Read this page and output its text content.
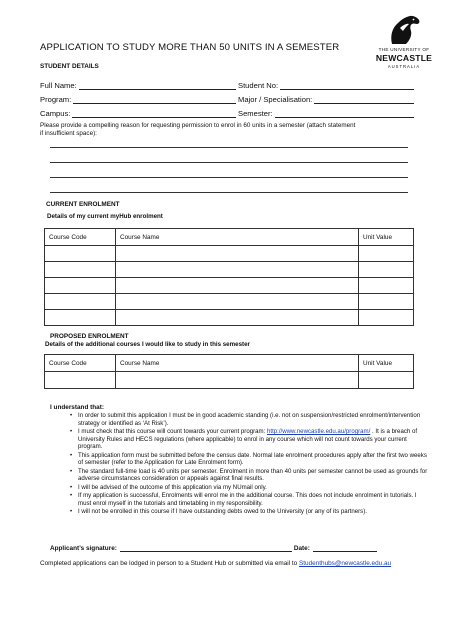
APPLICATION TO STUDY MORE THAN 50 UNITS IN A SEMESTER	THE UNIVERSITY OF
NEWCASTLE
AUSTRALIA
STUDENT DETAILS
Full Name:	Student No:
Program:	Major / Specialisation:
Campus:	Semester:
Please provide a compelling reason for requesting permission to enrol in 60 units in a semester (attach statement
if insufficient space):
CURRENT ENROLMENT
Details of my current myHub enrolment
Course Code	Course Name	Unit Value

PROPOSED ENROLMENT
Details of the additional courses I would like to study in this semester
Course Code	Course Name	Unit Value

I understand that:
• In order to submit this application I must be in good academic standing (i.e. not on suspension/restricted enrolment/intervention strategy or identified as ‘At Risk’).
• I must check that this course will count towards your current program: http://www.newcastle.edu.au/program/ . It is a breach of University Rules and HECS regulations (where applicable) to enrol in any course which will not count towards your current program.
• This application form must be submitted before the census date. Normal late enrolment procedures apply after the first two weeks of semester (refer to the Application for Late Enrolment form).
• The standard full-time load is 40 units per semester. Enrolment in more than 40 units per semester cannot be used as grounds for adverse circumstances consideration or appeals against final results.
• I will be advised of the outcome of this application via my NUmail only.
• If my application is successful, Enrolments will enrol me in the additional course. This does not include enrolment in tutorials. I must enrol myself in the tutorials and timetabling in my responsibility.
• I will not be enrolled in this course if I have outstanding debts owed to the University (or any of its partners).
Applicant’s signature:	Date:
Completed applications can be lodged in person to a Student Hub or submitted via email to Studenthubs@newcastle.edu.au
